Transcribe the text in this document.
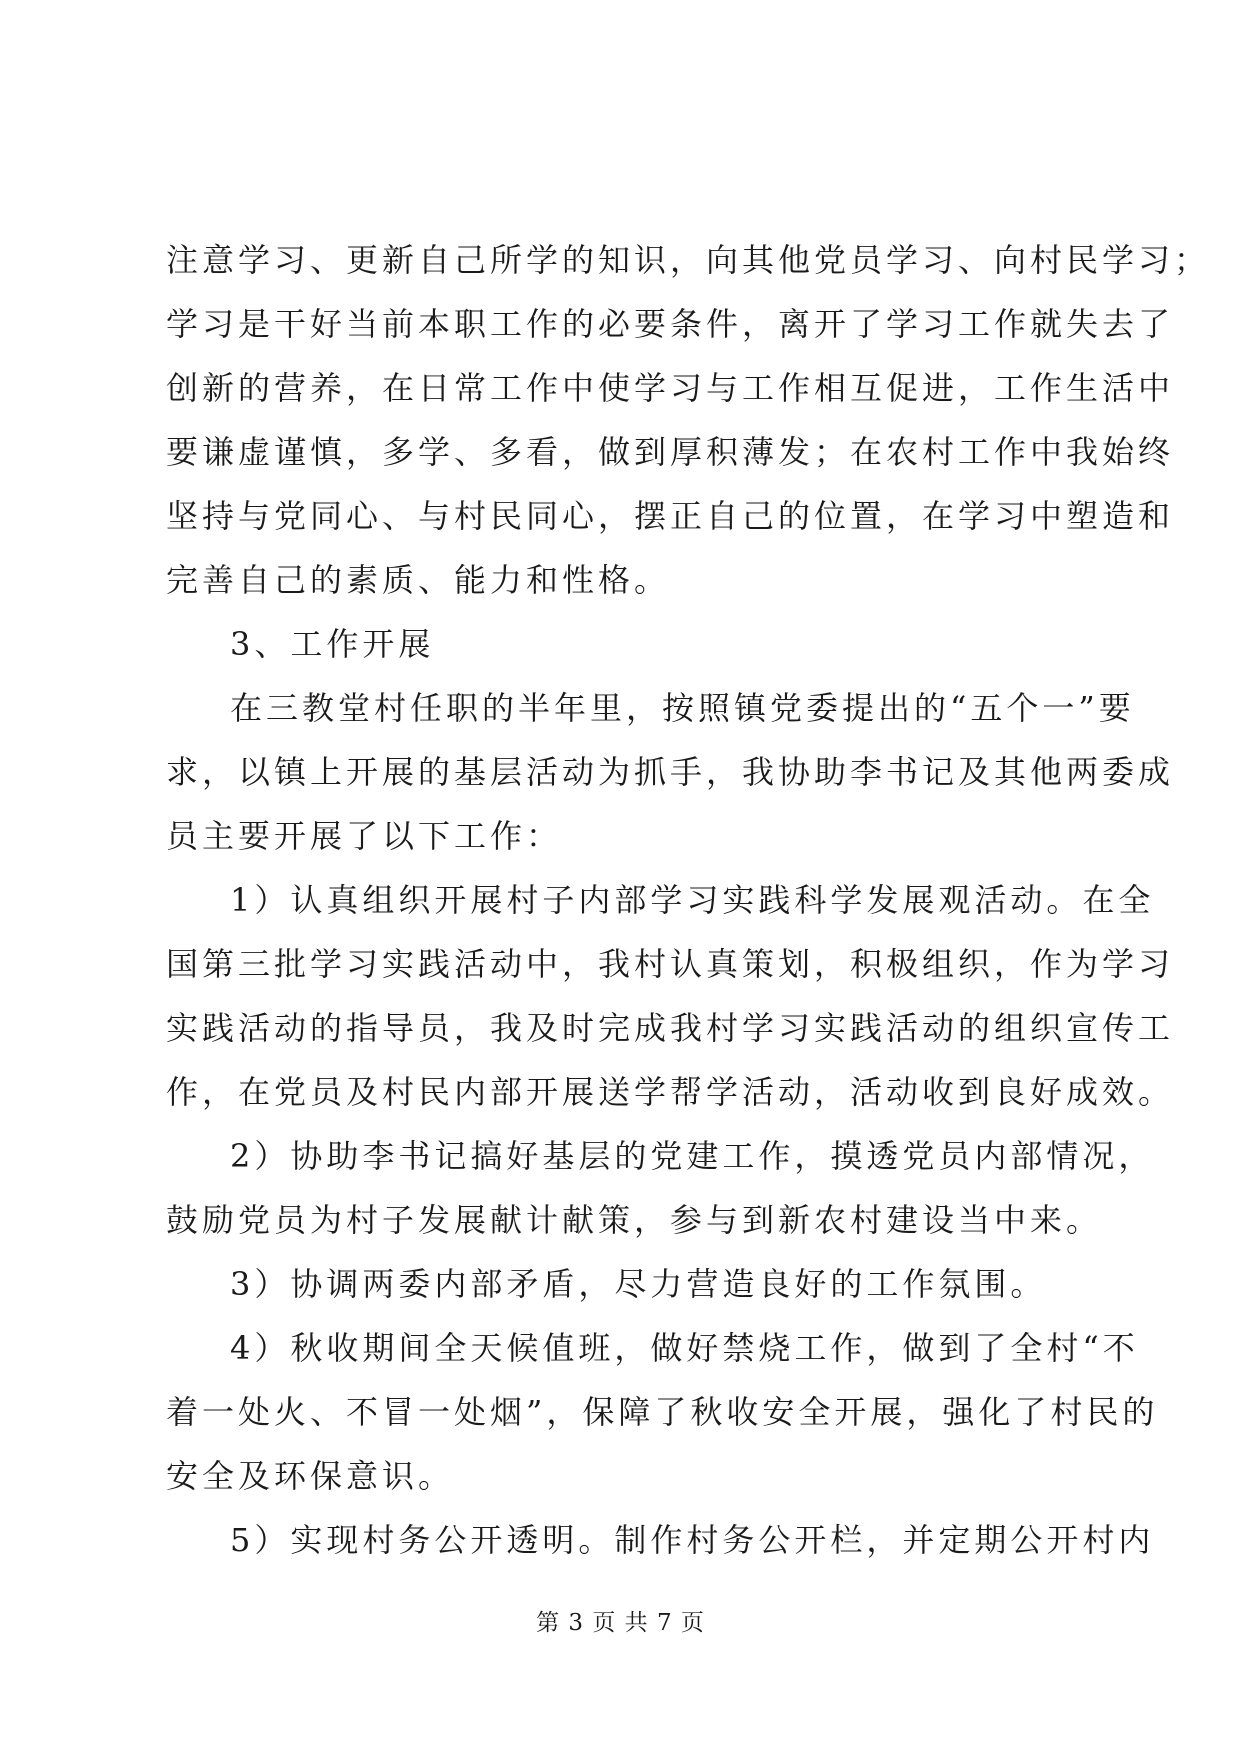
注意学习、更新自己所学的知识，向其他党员学习、向村民学习；
学习是干好当前本职工作的必要条件，离开了学习工作就失去了
创新的营养，在日常工作中使学习与工作相互促进，工作生活中
要谦虚谨慎，多学、多看，做到厚积薄发；在农村工作中我始终
坚持与党同心、与村民同心，摆正自己的位置，在学习中塑造和
完善自己的素质、能力和性格。
3、工作开展
在三教堂村任职的半年里，按照镇党委提出的“五个一”要
求，以镇上开展的基层活动为抓手，我协助李书记及其他两委成
员主要开展了以下工作：
1）认真组织开展村子内部学习实践科学发展观活动。在全
国第三批学习实践活动中，我村认真策划，积极组织，作为学习
实践活动的指导员，我及时完成我村学习实践活动的组织宣传工
作，在党员及村民内部开展送学帮学活动，活动收到良好成效。
2）协助李书记搞好基层的党建工作，摸透党员内部情况，
鼓励党员为村子发展献计献策，参与到新农村建设当中来。
3）协调两委内部矛盾，尽力营造良好的工作氛围。
4）秋收期间全天候值班，做好禁烧工作，做到了全村“不
着一处火、不冒一处烟”，保障了秋收安全开展，强化了村民的
安全及环保意识。
5）实现村务公开透明。制作村务公开栏，并定期公开村内
第 3 页 共 7 页
